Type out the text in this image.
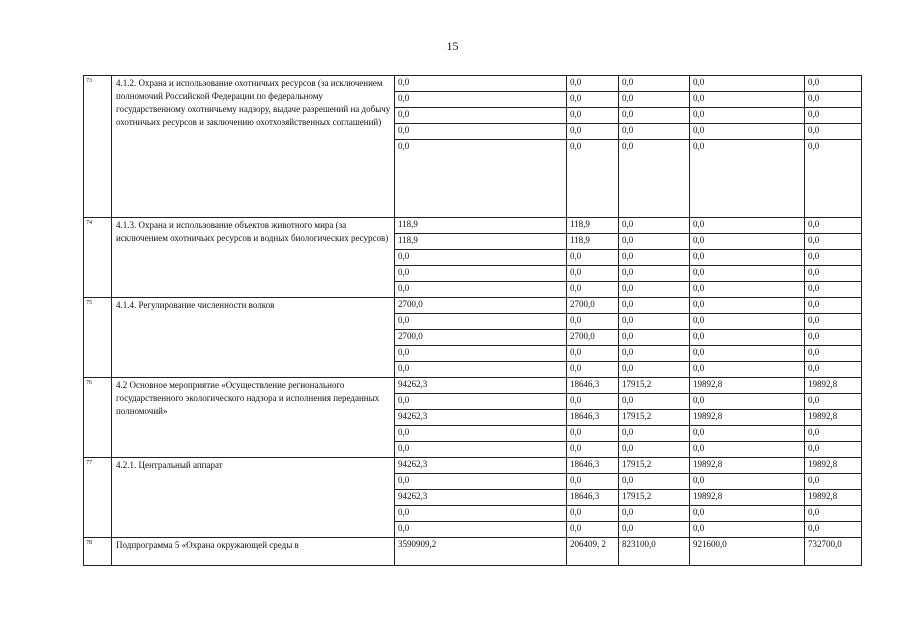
15
73	4.1.2. Охрана и использование охотничьих ресурсов (за исключением полномочий Российской Федерации по федеральному государственному охотничьему надзору, выдаче разрешений на добычу охотничьих ресурсов и заключению охотхозяйственных соглашений)	0,0	0,0	0,0	0,0	0,0
		0,0	0,0	0,0	0,0	0,0
		0,0	0,0	0,0	0,0	0,0
		0,0	0,0	0,0	0,0	0,0
		0,0	0,0	0,0	0,0	0,0
74	4.1.3. Охрана и использование объектов животного мира (за исключением охотничьих ресурсов и водных биологических ресурсов)	118,9	118,9	0,0	0,0	0,0
		118,9	118,9	0,0	0,0	0,0
		0,0	0,0	0,0	0,0	0,0
		0,0	0,0	0,0	0,0	0,0
		0,0	0,0	0,0	0,0	0,0
75	4.1.4. Регулирование численности волков	2700,0	2700,0	0,0	0,0	0,0
		0,0	0,0	0,0	0,0	0,0
		2700,0	2700,0	0,0	0,0	0,0
		0,0	0,0	0,0	0,0	0,0
		0,0	0,0	0,0	0,0	0,0
76	4.2 Основное мероприятие «Осуществление регионального государственного экологического надзора и исполнения переданных полномочий»	94262,3	18646,3	17915,2	19892,8	19892,8
		0,0	0,0	0,0	0,0	0,0
		94262,3	18646,3	17915,2	19892,8	19892,8
		0,0	0,0	0,0	0,0	0,0
		0,0	0,0	0,0	0,0	0,0
77	4.2.1. Центральный аппарат	94262,3	18646,3	17915,2	19892,8	19892,8
		0,0	0,0	0,0	0,0	0,0
		94262,3	18646,3	17915,2	19892,8	19892,8
		0,0	0,0	0,0	0,0	0,0
		0,0	0,0	0,0	0,0	0,0
78	Подпрограмма 5 «Охрана окружающей среды в	3590909,2	206409, 2	823100,0	921600,0	732700,0
